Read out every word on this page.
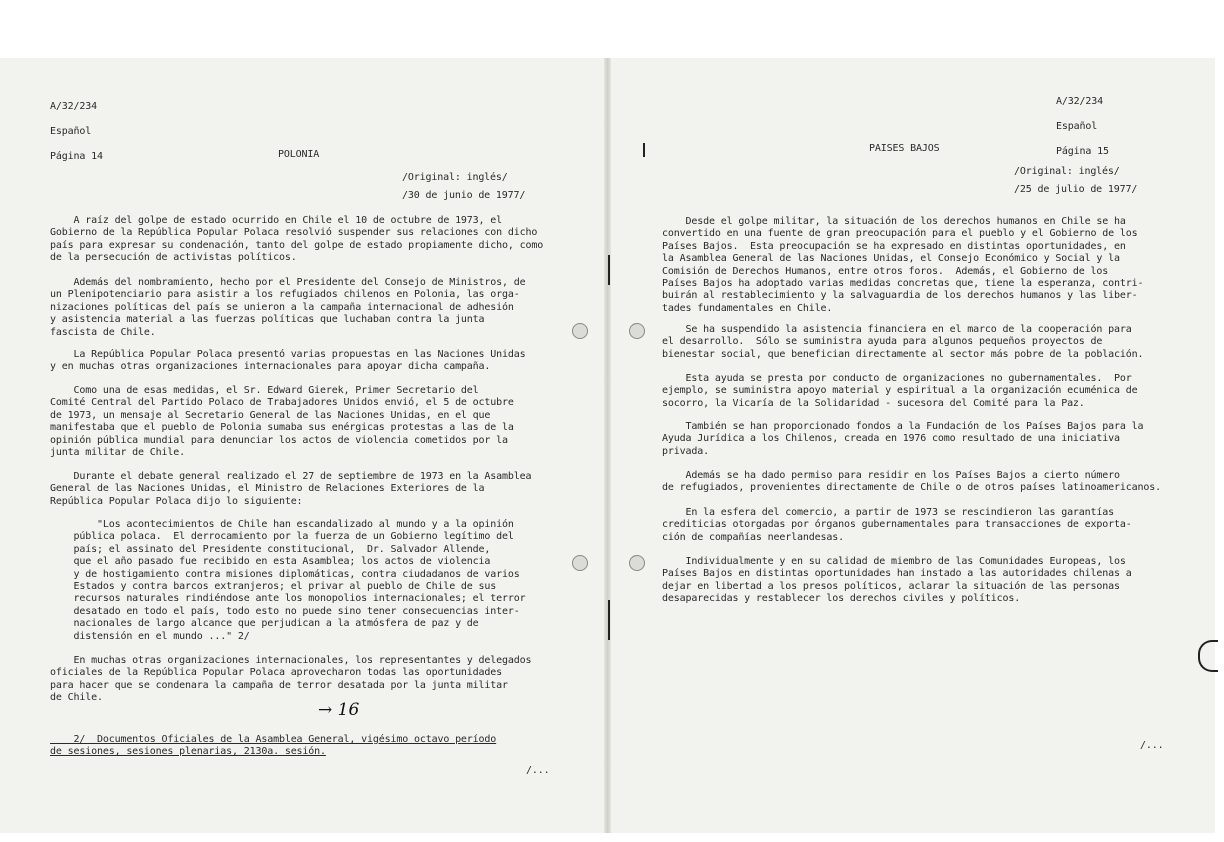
A/32/234

Español

Página 14	POLONIA
/Original: inglés/
/30 de junio de 1977/
A raíz del golpe de estado ocurrido en Chile el 10 de octubre de 1973, el
Gobierno de la República Popular Polaca resolvió suspender sus relaciones con dicho
país para expresar su condenación, tanto del golpe de estado propiamente dicho, como
de la persecución de activistas políticos.
Además del nombramiento, hecho por el Presidente del Consejo de Ministros, de
un Plenipotenciario para asistir a los refugiados chilenos en Polonia, las orga-
nizaciones políticas del país se unieron a la campaña internacional de adhesión
y asistencia material a las fuerzas políticas que luchaban contra la junta
fascista de Chile.
La República Popular Polaca presentó varias propuestas en las Naciones Unidas
y en muchas otras organizaciones internacionales para apoyar dicha campaña.
Como una de esas medidas, el Sr. Edward Gierek, Primer Secretario del
Comité Central del Partido Polaco de Trabajadores Unidos envió, el 5 de octubre
de 1973, un mensaje al Secretario General de las Naciones Unidas, en el que
manifestaba que el pueblo de Polonia sumaba sus enérgicas protestas a las de la
opinión pública mundial para denunciar los actos de violencia cometidos por la
junta militar de Chile.
Durante el debate general realizado el 27 de septiembre de 1973 en la Asamblea
General de las Naciones Unidas, el Ministro de Relaciones Exteriores de la
República Popular Polaca dijo lo siguiente:
"Los acontecimientos de Chile han escandalizado al mundo y a la opinión
pública polaca.  El derrocamiento por la fuerza de un Gobierno legítimo del
país; el assinato del Presidente constitucional,  Dr. Salvador Allende,
que el año pasado fue recibido en esta Asamblea; los actos de violencia
y de hostigamiento contra misiones diplomáticas, contra ciudadanos de varios
Estados y contra barcos extranjeros; el privar al pueblo de Chile de sus
recursos naturales rindiéndose ante los monopolios internacionales; el terror
desatado en todo el país, todo esto no puede sino tener consecuencias inter-
nacionales de largo alcance que perjudican a la atmósfera de paz y de
distensión en el mundo ..." 2/
En muchas otras organizaciones internacionales, los representantes y delegados
oficiales de la República Popular Polaca aprovecharon todas las oportunidades
para hacer que se condenara la campaña de terror desatada por la junta militar
de Chile.
→ 16
2/  Documentos Oficiales de la Asamblea General, vigésimo octavo período
de sesiones, sesiones plenarias, 2130a. sesión.
/...

A/32/234

Español

Página 15

PAISES BAJOS
/Original: inglés/
/25 de julio de 1977/
Desde el golpe militar, la situación de los derechos humanos en Chile se ha
convertido en una fuente de gran preocupación para el pueblo y el Gobierno de los
Países Bajos.  Esta preocupación se ha expresado en distintas oportunidades, en
la Asamblea General de las Naciones Unidas, el Consejo Económico y Social y la
Comisión de Derechos Humanos, entre otros foros.  Además, el Gobierno de los
Países Bajos ha adoptado varias medidas concretas que, tiene la esperanza, contri-
buirán al restablecimiento y la salvaguardia de los derechos humanos y las liber-
tades fundamentales en Chile.
Se ha suspendido la asistencia financiera en el marco de la cooperación para
el desarrollo.  Sólo se suministra ayuda para algunos pequeños proyectos de
bienestar social, que benefician directamente al sector más pobre de la población.
Esta ayuda se presta por conducto de organizaciones no gubernamentales.  Por
ejemplo, se suministra apoyo material y espiritual a la organización ecuménica de
socorro, la Vicaría de la Solidaridad - sucesora del Comité para la Paz.
También se han proporcionado fondos a la Fundación de los Países Bajos para la
Ayuda Jurídica a los Chilenos, creada en 1976 como resultado de una iniciativa
privada.
Además se ha dado permiso para residir en los Países Bajos a cierto número
de refugiados, provenientes directamente de Chile o de otros países latinoamericanos.
En la esfera del comercio, a partir de 1973 se rescindieron las garantías
crediticias otorgadas por órganos gubernamentales para transacciones de exporta-
ción de compañías neerlandesas.
Individualmente y en su calidad de miembro de las Comunidades Europeas, los
Países Bajos en distintas oportunidades han instado a las autoridades chilenas a
dejar en libertad a los presos políticos, aclarar la situación de las personas
desaparecidas y restablecer los derechos civiles y políticos.
/...
